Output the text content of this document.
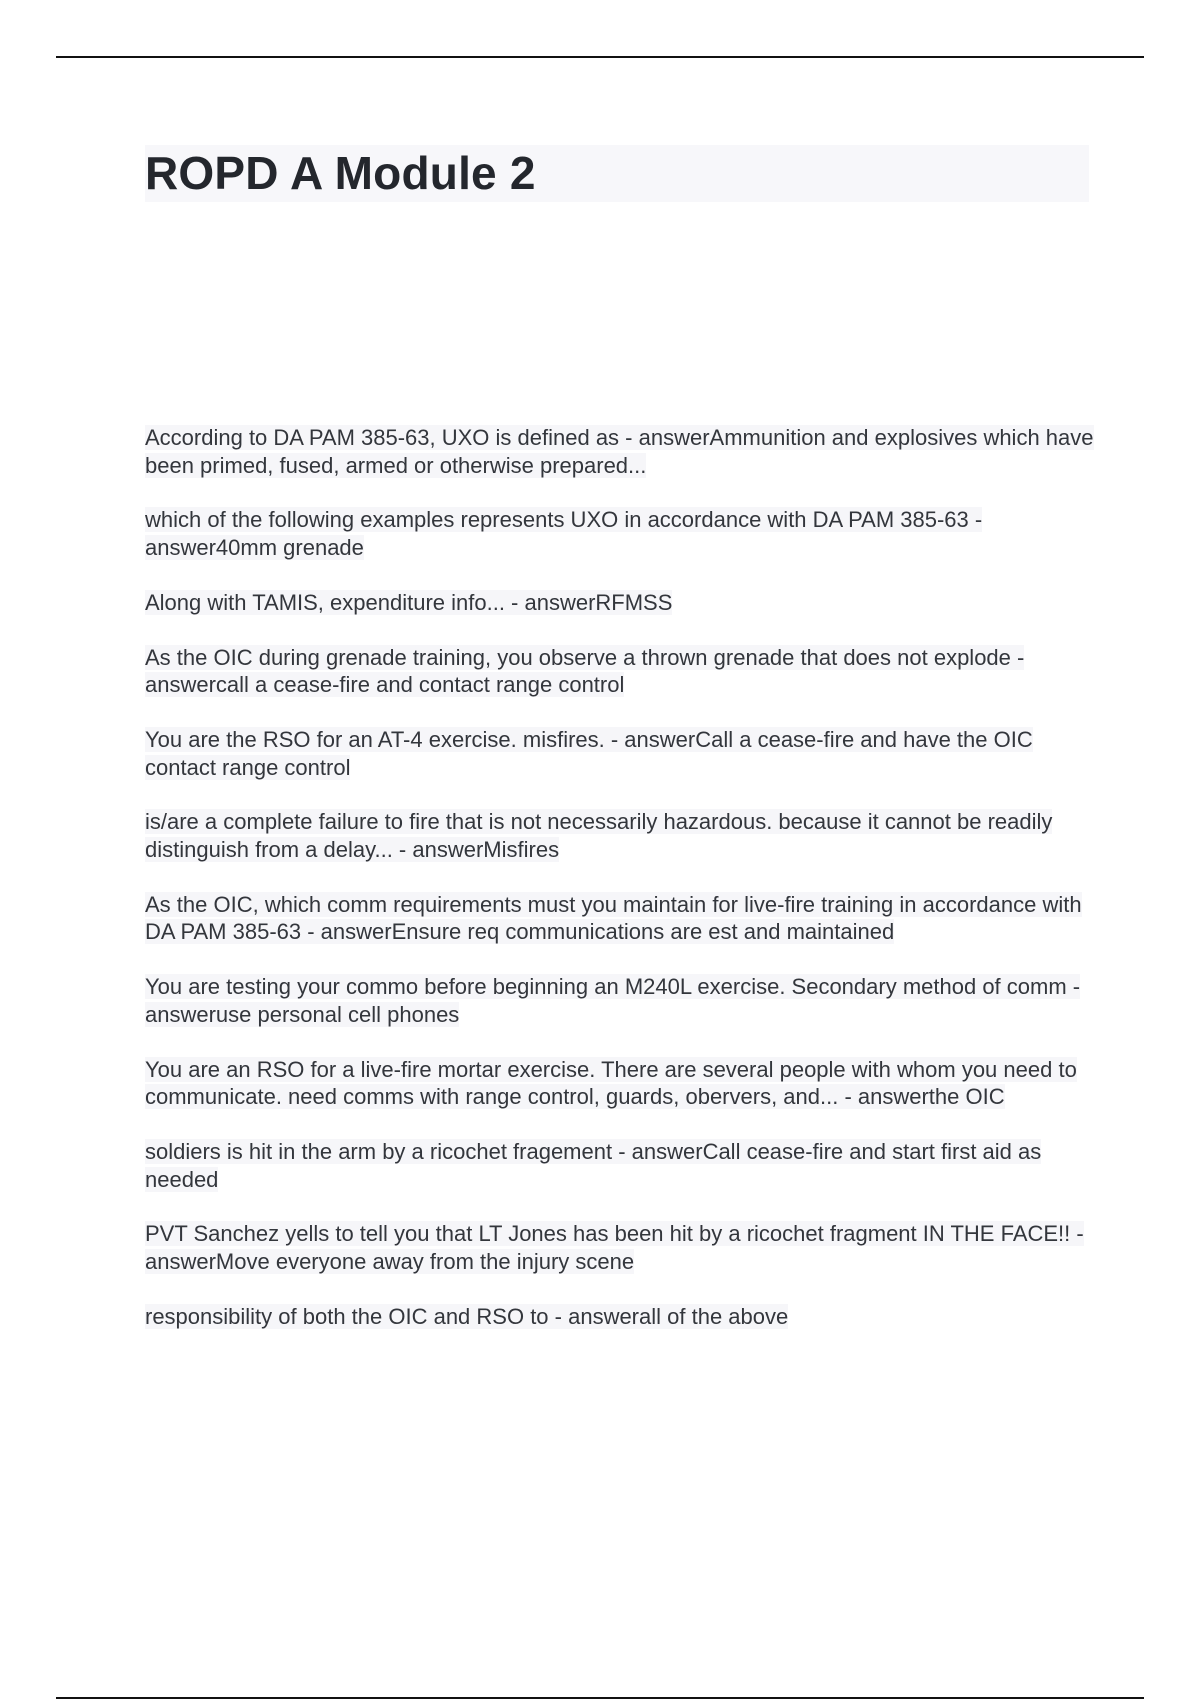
ROPD A Module 2

According to DA PAM 385-63, UXO is defined as - answerAmmunition and explosives which have been primed, fused, armed or otherwise prepared...

which of the following examples represents UXO in accordance with DA PAM 385-63 - answer40mm grenade

Along with TAMIS, expenditure info... - answerRFMSS

As the OIC during grenade training, you observe a thrown grenade that does not explode - answercall a cease-fire and contact range control

You are the RSO for an AT-4 exercise. misfires. - answerCall a cease-fire and have the OIC contact range control

is/are a complete failure to fire that is not necessarily hazardous. because it cannot be readily distinguish from a delay... - answerMisfires

As the OIC, which comm requirements must you maintain for live-fire training in accordance with DA PAM 385-63 - answerEnsure req communications are est and maintained

You are testing your commo before beginning an M240L exercise. Secondary method of comm - answeruse personal cell phones

You are an RSO for a live-fire mortar exercise. There are several people with whom you need to communicate. need comms with range control, guards, obervers, and... - answerthe OIC

soldiers is hit in the arm by a ricochet fragement - answerCall cease-fire and start first aid as needed

PVT Sanchez yells to tell you that LT Jones has been hit by a ricochet fragment IN THE FACE!! - answerMove everyone away from the injury scene

responsibility of both the OIC and RSO to - answerall of the above
